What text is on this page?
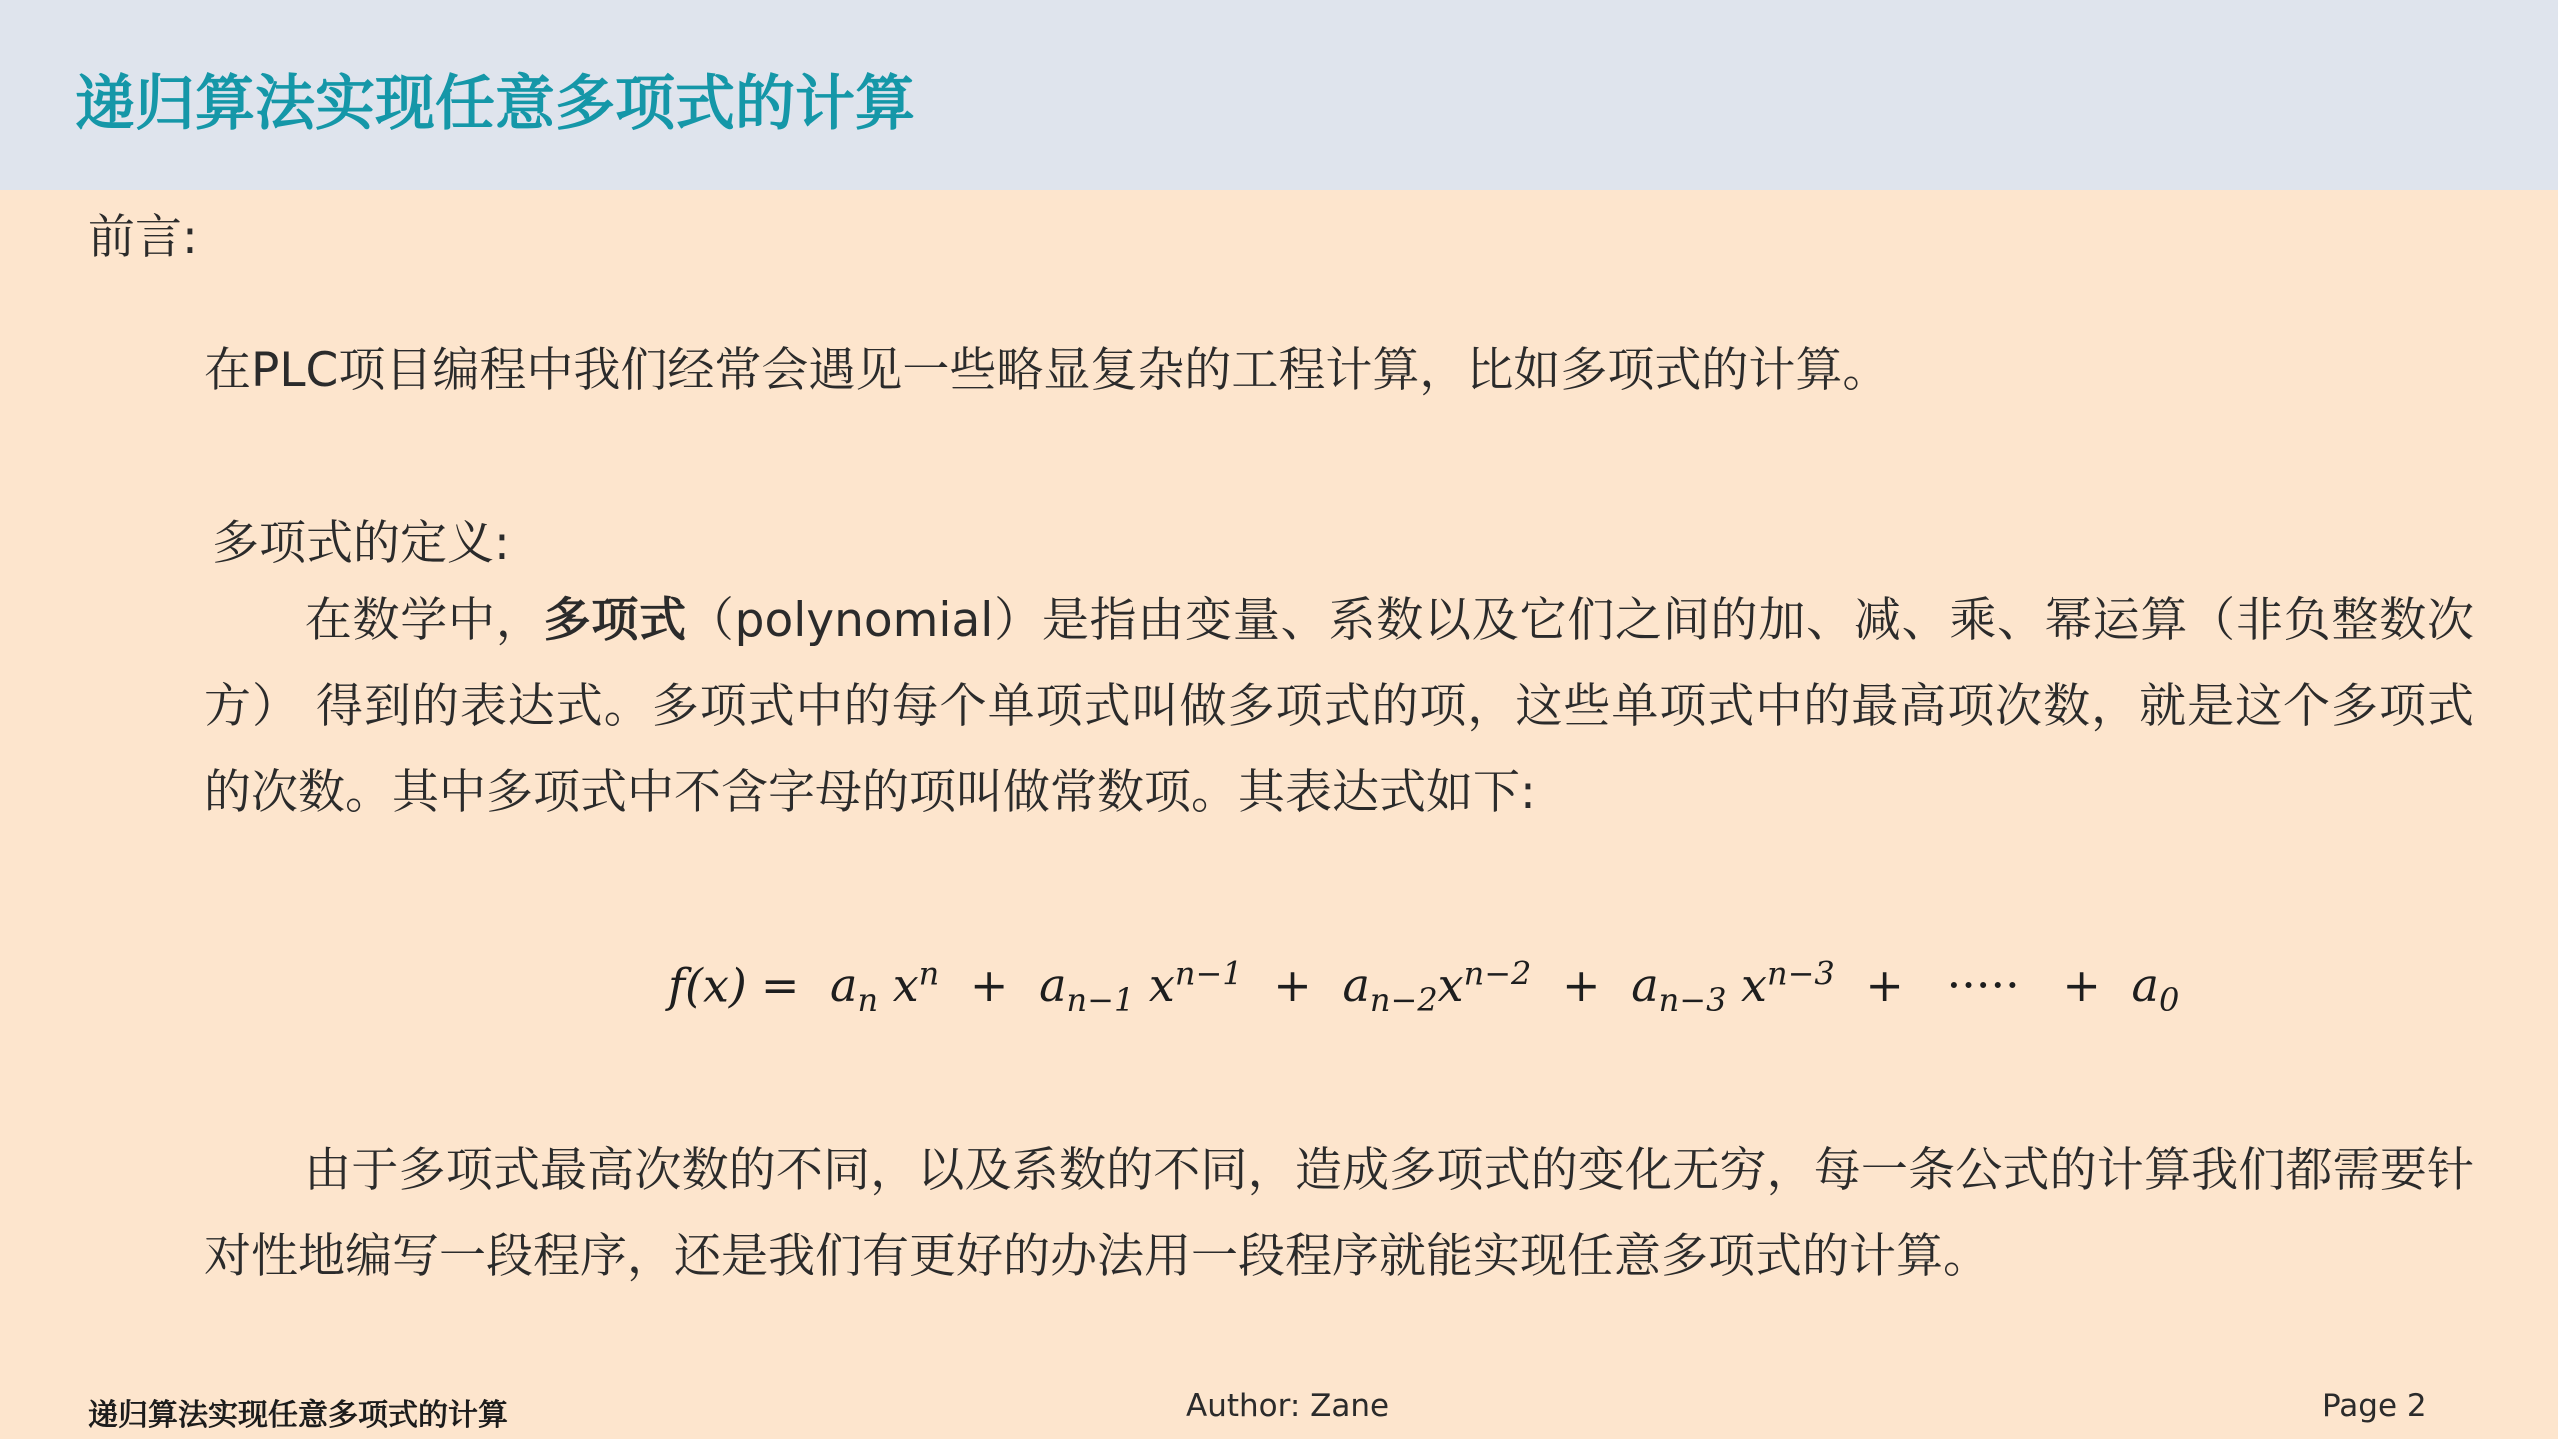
递归算法实现任意多项式的计算
前言:
在PLC项目编程中我们经常会遇见一些略显复杂的工程计算，比如多项式的计算。
多项式的定义:
在数学中，多项式（polynomial）是指由变量、系数以及它们之间的加、减、乘、幂运算（非负整数次方） 得到的表达式。多项式中的每个单项式叫做多项式的项，这些单项式中的最高项次数，就是这个多项式的次数。其中多项式中不含字母的项叫做常数项。其表达式如下:
$f(x) = a_n$ $x^n + a_{n-1}$ $x^{n-1} + a_{n-2}x^{n-2} + a_{n-3}$ $x^{n-3}$ + ····· + $a_0$
由于多项式最高次数的不同，以及系数的不同，造成多项式的变化无穷，每一条公式的计算我们都需要针对性地编写一段程序，还是我们有更好的办法用一段程序就能实现任意多项式的计算。
递归算法实现任意多项式的计算	Author: Zane	Page 2
